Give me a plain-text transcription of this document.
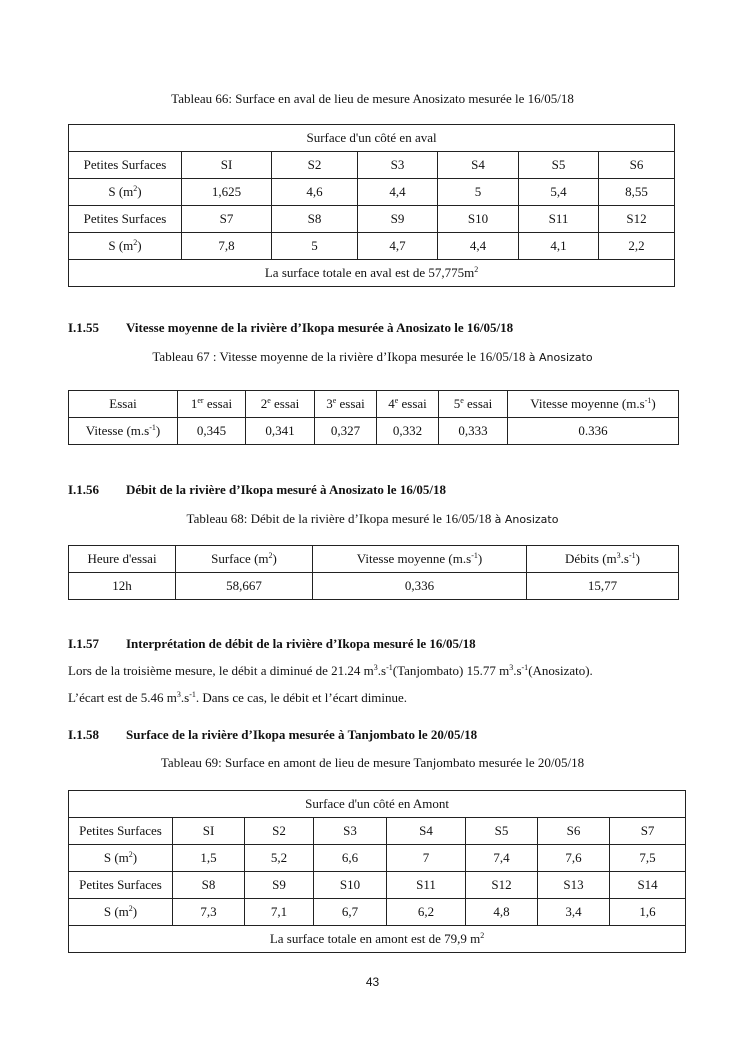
Tableau 66: Surface en aval de lieu de mesure Anosizato mesurée le 16/05/18
Surface d'un côté en aval						
Petites Surfaces	SI	S2	S3	S4	S5	S6
S $(m^2)$	1,625	4,6	4,4	5	5,4	8,55
Petites Surfaces	S7	S8	S9	S10	S11	S12
S $(m^2)$	7,8	5	4,7	4,4	4,1	2,2
La surface totale en aval est de $57,775m^2$
I.1.55 Vitesse moyenne de la rivière d’Ikopa mesurée à Anosizato le 16/05/18
Tableau 67 : Vitesse moyenne de la rivière d’Ikopa mesurée le 16/05/18 à Anosizato
Essai	1er essai	2e essai	3e essai	4e essai	5e essai	Vitesse moyenne $(m.s^{-1})$
Vitesse $(m.s^{-1})$	0,345	0,341	0,327	0,332	0,333	0.336
I.1.56 Débit de la rivière d’Ikopa mesuré à Anosizato le 16/05/18
Tableau 68: Débit de la rivière d’Ikopa mesuré le 16/05/18 à Anosizato
Heure d'essai	Surface $(m^2)$	Vitesse moyenne $(m.s^{-1})$	Débits $(m^3.s^{-1})$
12h	58,667	0,336	15,77
I.1.57 Interprétation de débit de la rivière d’Ikopa mesuré le 16/05/18
Lors de la troisième mesure, le débit a diminué de 21.24 $m^3.s^{-1}(Tanjombato)$ 15.77 $m^3.s^{-1}(Anosizato)$.
L’écart est de 5.46 $m^3.s^{-1}$. Dans ce cas, le débit et l’écart diminue.
I.1.58 Surface de la rivière d’Ikopa mesurée à Tanjombato le 20/05/18
Tableau 69: Surface en amont de lieu de mesure Tanjombato mesurée le 20/05/18
Surface d'un côté en Amont							
Petites Surfaces	SI	S2	S3	S4	S5	S6	S7
S $(m^2)$	1,5	5,2	6,6	7	7,4	7,6	7,5
Petites Surfaces	S8	S9	S10	S11	S12	S13	S14
S $(m^2)$	7,3	7,1	6,7	6,2	4,8	3,4	1,6
La surface totale en amont est de 79,9 $m^2$
43
